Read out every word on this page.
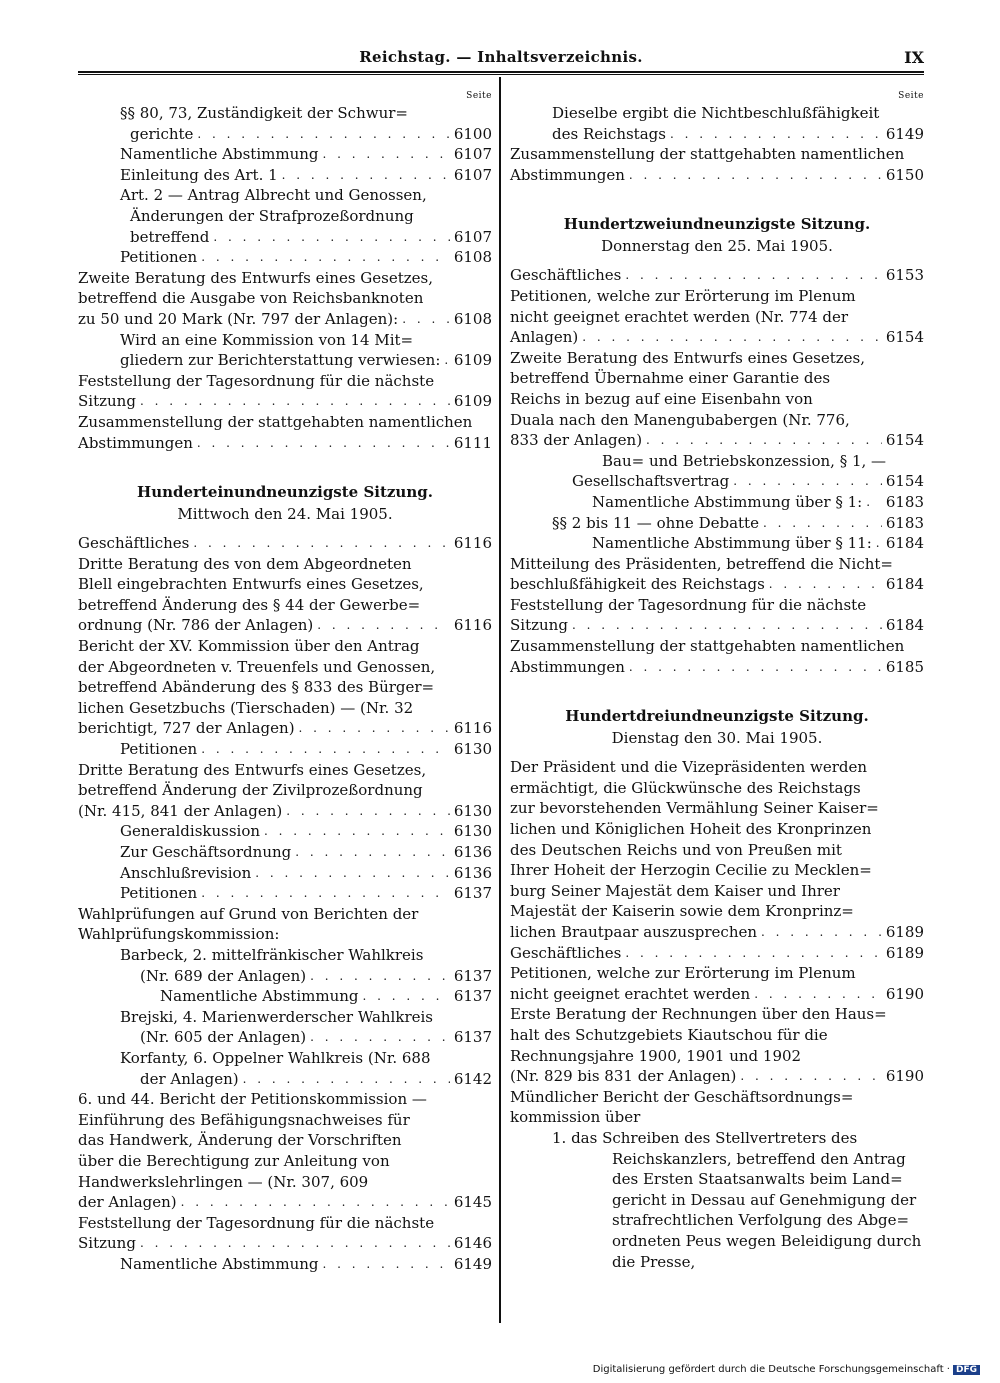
Reichstag. — Inhaltsverzeichnis.	IX
Seite
§§ 80, 73, Zuständigkeit der Schwur=
gerichte . . .	6100
Namentliche Abstimmung . . .	6107
Einleitung des Art. 1 . . .	6107
Art. 2 — Antrag Albrecht und Genossen,
Änderungen der Strafprozeßordnung
betreffend . . .	6107
Petitionen . . .	6108
Zweite Beratung des Entwurfs eines Gesetzes,
betreffend die Ausgabe von Reichsbanknoten
zu 50 und 20 Mark (Nr. 797 der Anlagen): . . .	6108
Wird an eine Kommission von 14 Mit=
gliedern zur Berichterstattung verwiesen: . . . 6109
Feststellung der Tagesordnung für die nächste
Sitzung . . .	6109
Zusammenstellung der stattgehabten namentlichen
Abstimmungen . . .	6111
Hunderteinundneunzigste Sitzung.
Mittwoch den 24. Mai 1905.
Geschäftliches . . .	6116
Dritte Beratung des von dem Abgeordneten
Blell eingebrachten Entwurfs eines Gesetzes,
betreffend Änderung des § 44 der Gewerbe=
ordnung (Nr. 786 der Anlagen) . . .	6116
Bericht der XV. Kommission über den Antrag
der Abgeordneten v. Treuenfels und Genossen,
betreffend Abänderung des § 833 des Bürger=
lichen Gesetzbuchs (Tierschaden) — (Nr. 32
berichtigt, 727 der Anlagen) . . .	6116
Petitionen . . .	6130
Dritte Beratung des Entwurfs eines Gesetzes,
betreffend Änderung der Zivilprozeßordnung
(Nr. 415, 841 der Anlagen) . . .	6130
Generaldiskussion . . .	6130
Zur Geschäftsordnung . . .	6136
Anschlußrevision . . .	6136
Petitionen . . .	6137
Wahlprüfungen auf Grund von Berichten der
Wahlprüfungskommission:
Barbeck, 2. mittelfränkischer Wahlkreis
(Nr. 689 der Anlagen) . . .	6137
Namentliche Abstimmung . . .	6137
Brejski, 4. Marienwerderscher Wahlkreis
(Nr. 605 der Anlagen) . . .	6137
Korfanty, 6. Oppelner Wahlkreis (Nr. 688
der Anlagen) . . .	6142
6. und 44. Bericht der Petitionskommission —
Einführung des Befähigungsnachweises für
das Handwerk, Änderung der Vorschriften
über die Berechtigung zur Anleitung von
Handwerkslehrlingen — (Nr. 307, 609
der Anlagen) . . .	6145
Feststellung der Tagesordnung für die nächste
Sitzung . . .	6146
Namentliche Abstimmung . . .	6149
Seite
Dieselbe ergibt die Nichtbeschlußfähigkeit
des Reichstags . . .	6149
Zusammenstellung der stattgehabten namentlichen
Abstimmungen . . .	6150
Hundertzweiundneunzigste Sitzung.
Donnerstag den 25. Mai 1905.
Geschäftliches . . .	6153
Petitionen, welche zur Erörterung im Plenum
nicht geeignet erachtet werden (Nr. 774 der
Anlagen) . . .	6154
Zweite Beratung des Entwurfs eines Gesetzes,
betreffend Übernahme einer Garantie des
Reichs in bezug auf eine Eisenbahn von
Duala nach den Manengubabergen (Nr. 776,
833 der Anlagen) . . .	6154
Bau= und Betriebskonzession, § 1, —
Gesellschaftsvertrag . . .	6154
Namentliche Abstimmung über § 1: . . . 6183
§§ 2 bis 11 — ohne Debatte . . .	6183
Namentliche Abstimmung über § 11: . . . 6184
Mitteilung des Präsidenten, betreffend die Nicht=
beschlußfähigkeit des Reichstags . . .	6184
Feststellung der Tagesordnung für die nächste
Sitzung . . .	6184
Zusammenstellung der stattgehabten namentlichen
Abstimmungen . . .	6185
Hundertdreiundneunzigste Sitzung.
Dienstag den 30. Mai 1905.
Der Präsident und die Vizepräsidenten werden
ermächtigt, die Glückwünsche des Reichstags
zur bevorstehenden Vermählung Seiner Kaiser=
lichen und Königlichen Hoheit des Kronprinzen
des Deutschen Reichs und von Preußen mit
Ihrer Hoheit der Herzogin Cecilie zu Mecklen=
burg Seiner Majestät dem Kaiser und Ihrer
Majestät der Kaiserin sowie dem Kronprinz=
lichen Brautpaar auszusprechen . . .	6189
Geschäftliches . . .	6189
Petitionen, welche zur Erörterung im Plenum
nicht geeignet erachtet werden . . .	6190
Erste Beratung der Rechnungen über den Haus=
halt des Schutzgebiets Kiautschou für die
Rechnungsjahre 1900, 1901 und 1902
(Nr. 829 bis 831 der Anlagen) . . .	6190
Mündlicher Bericht der Geschäftsordnungs=
kommission über
1. das Schreiben des Stellvertreters des
Reichskanzlers, betreffend den Antrag
des Ersten Staatsanwalts beim Land=
gericht in Dessau auf Genehmigung der
strafrechtlichen Verfolgung des Abge=
ordneten Peus wegen Beleidigung durch
die Presse,
Digitalisierung gefördert durch die Deutsche Forschungsgemeinschaft · DFG
